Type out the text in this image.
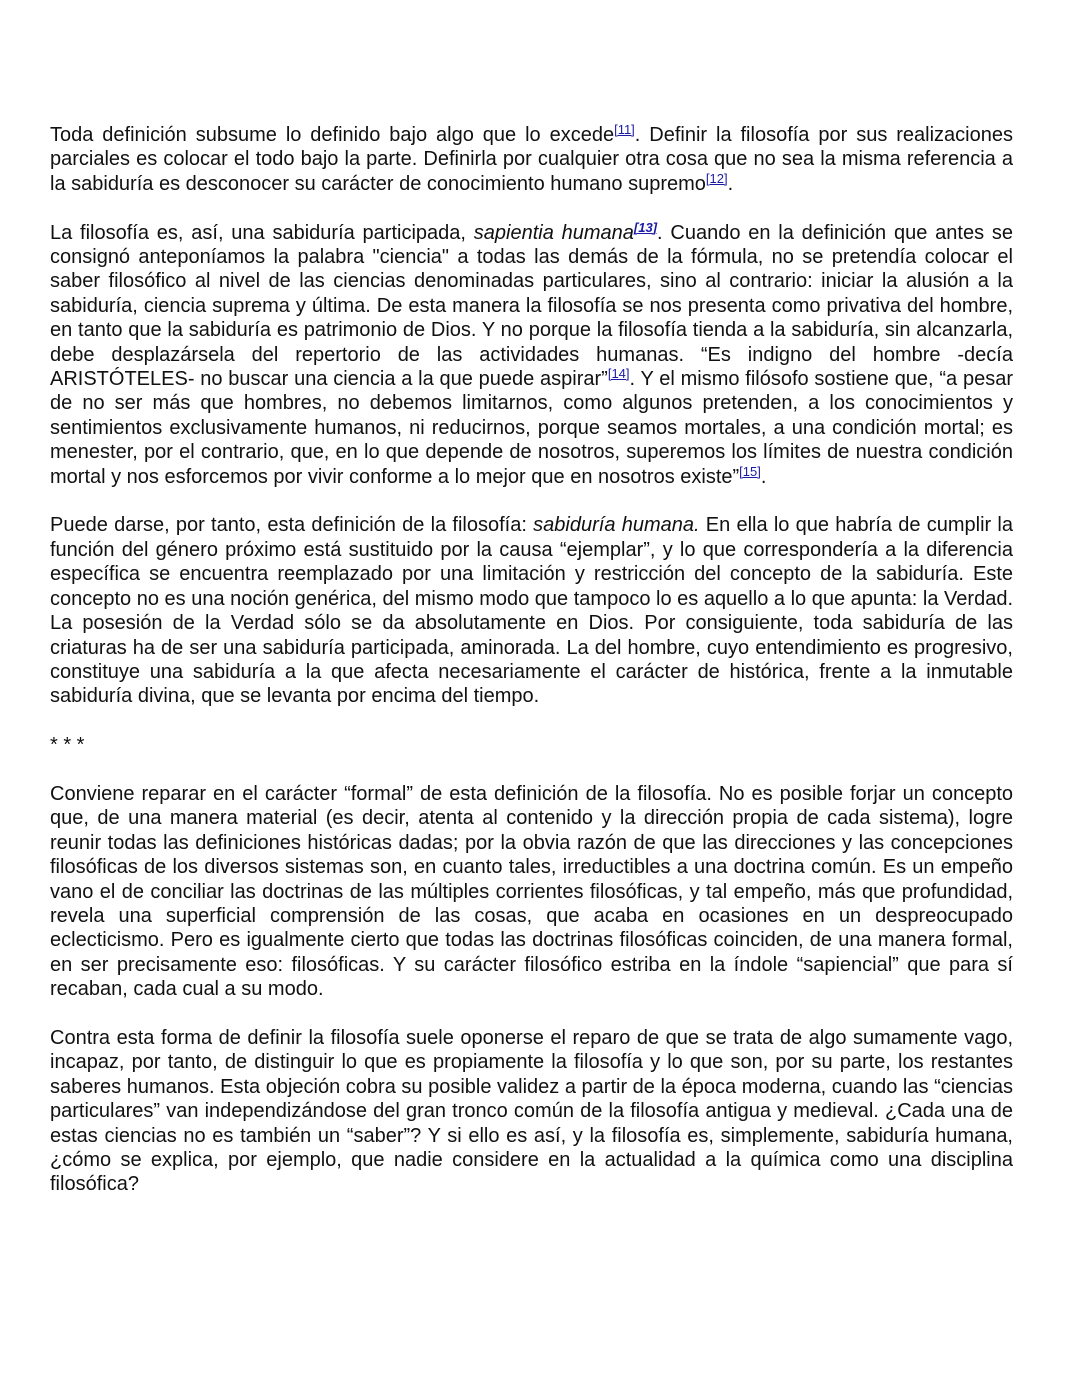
Toda definición subsume lo definido bajo algo que lo excede[11]. Definir la filosofía por sus realizaciones parciales es colocar el todo bajo la parte. Definirla por cualquier otra cosa que no sea la misma referencia a la sabiduría es desconocer su carácter de conocimiento humano supremo[12].

La filosofía es, así, una sabiduría participada, sapientia humana[13]. Cuando en la definición que antes se consignó anteponíamos la palabra "ciencia" a todas las demás de la fórmula, no se pretendía colocar el saber filosófico al nivel de las ciencias denominadas particulares, sino al contrario: iniciar la alusión a la sabiduría, ciencia suprema y última. De esta manera la filosofía se nos presenta como privativa del hombre, en tanto que la sabiduría es patrimonio de Dios. Y no porque la filosofía tienda a la sabiduría, sin alcanzarla, debe desplazársela del repertorio de las actividades humanas. “Es indigno del hombre -decía ARISTÓTELES- no buscar una ciencia a la que puede aspirar”[14]. Y el mismo filósofo sostiene que, “a pesar de no ser más que hombres, no debemos limitarnos, como algunos pretenden, a los conocimientos y sentimientos exclusivamente humanos, ni reducirnos, porque seamos mortales, a una condición mortal; es menester, por el contrario, que, en lo que depende de nosotros, superemos los límites de nuestra condición mortal y nos esforcemos por vivir conforme a lo mejor que en nosotros existe”[15].

Puede darse, por tanto, esta definición de la filosofía: sabiduría humana. En ella lo que habría de cumplir la función del género próximo está sustituido por la causa “ejemplar”, y lo que correspondería a la diferencia específica se encuentra reemplazado por una limitación y restricción del concepto de la sabiduría. Este concepto no es una noción genérica, del mismo modo que tampoco lo es aquello a lo que apunta: la Verdad. La posesión de la Verdad sólo se da absolutamente en Dios. Por consiguiente, toda sabiduría de las criaturas ha de ser una sabiduría participada, aminorada. La del hombre, cuyo entendimiento es progresivo, constituye una sabiduría a la que afecta necesariamente el carácter de histórica, frente a la inmutable sabiduría divina, que se levanta por encima del tiempo.

* * *

Conviene reparar en el carácter “formal” de esta definición de la filosofía. No es posible forjar un concepto que, de una manera material (es decir, atenta al contenido y la dirección propia de cada sistema), logre reunir todas las definiciones históricas dadas; por la obvia razón de que las direcciones y las concepciones filosóficas de los diversos sistemas son, en cuanto tales, irreductibles a una doctrina común. Es un empeño vano el de conciliar las doctrinas de las múltiples corrientes filosóficas, y tal empeño, más que profundidad, revela una superficial comprensión de las cosas, que acaba en ocasiones en un despreocupado eclecticismo. Pero es igualmente cierto que todas las doctrinas filosóficas coinciden, de una manera formal, en ser precisamente eso: filosóficas. Y su carácter filosófico estriba en la índole “sapiencial” que para sí recaban, cada cual a su modo.

Contra esta forma de definir la filosofía suele oponerse el reparo de que se trata de algo sumamente vago, incapaz, por tanto, de distinguir lo que es propiamente la filosofía y lo que son, por su parte, los restantes saberes humanos. Esta objeción cobra su posible validez a partir de la época moderna, cuando las “ciencias particulares” van independizándose del gran tronco común de la filosofía antigua y medieval. ¿Cada una de estas ciencias no es también un “saber”? Y si ello es así, y la filosofía es, simplemente, sabiduría humana, ¿cómo se explica, por ejemplo, que nadie considere en la actualidad a la química como una disciplina filosófica?
